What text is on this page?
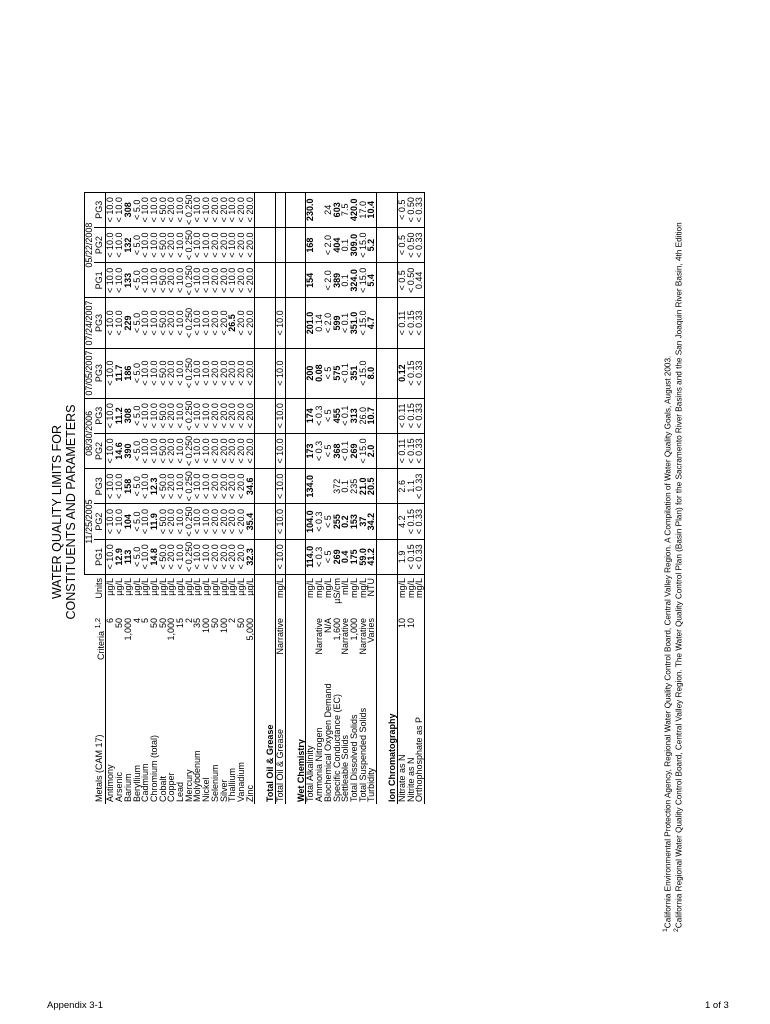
WATER QUALITY LIMITS FOR CONSTITUENTS AND PARAMETERS
			11/25/2005			08/30/2006		07/05/2007	07/24/2007	05/22/2008		
Metals (CAM 17)	Criteria $^{1,2}$	Units	PG1	PG2	PG3	PG2	PG3	PG3	PG3	PG1	PG2	PG3
Antimony	6	µg/L	< 10.0	< 10.0	< 10.0	< 10.0	< 10.0	< 10.0	< 10.0	< 10.0	< 10.0	< 10.0
Arsenic	50	µg/L	12.9	< 10.0	< 10.0	14.6	11.2	11.7	< 10.0	< 10.0	< 10.0	< 10.0
Barium	1,000	µg/L	113	104	158	390	308	186	229	133	132	308
Beryllium	4	µg/L	< 5.0	< 5.0	< 5.0	< 5.0	< 5.0	< 5.0	< 5.0	< 5.0	< 5.0	< 5.0
Cadmium	5	µg/L	< 10.0	< 10.0	< 10.0	< 10.0	< 10.0	< 10.0	< 10.0	< 10.0	< 10.0	< 10.0
Chromium (total)	50	µg/L	14.8	11.9	12.3	< 10.0	< 10.0	< 10.0	< 10.0	< 10.0	< 10.0	< 10.0
Cobalt	50	µg/L	< 50.0	< 50.0	< 50.0	< 50.0	< 50.0	< 50.0	< 50.0	< 50.0	< 50.0	< 50.0
Copper	1,000	µg/L	< 20.0	< 20.0	< 20.0	< 20.0	< 20.0	< 20.0	< 20.0	< 20.0	< 20.0	< 20.0
Lead	15	µg/L	< 10.0	< 10.0	< 10.0	< 10.0	< 10.0	< 10.0	< 10.0	< 10.0	< 10.0	< 10.0
Mercury	2	µg/L	< 0.250	< 0.250	< 0.250	< 0.250	< 0.250	< 0.250	< 0.250	< 0.250	< 0.250	< 0.250
Molybdenum	35	µg/L	< 10.0	< 10.0	< 10.0	< 10.0	< 10.0	< 10.0	< 10.0	< 10.0	< 10.0	< 10.0
Nickel	100	µg/L	< 10.0	< 10.0	< 10.0	< 10.0	< 10.0	< 10.0	< 10.0	< 10.0	< 10.0	< 10.0
Selenium	50	µg/L	< 20.0	< 20.0	< 20.0	< 20.0	< 20.0	< 20.0	< 20.0	< 20.0	< 20.0	< 20.0
Silver	100	µg/L	< 20.0	< 20.0	< 20.0	< 20.0	< 20.0	< 20.0	< 20.0	< 20.0	< 20.0	< 20.0
Thallium	2	µg/L	< 20.0	< 20.0	< 20.0	< 20.0	< 20.0	< 20.0	26.5	< 10.0	< 10.0	< 10.0
Vanadium	50	µg/L	< 20.0	< 20.0	< 20.0	< 20.0	< 20.0	< 20.0	< 20.0	< 20.0	< 20.0	< 20.0
Zinc	5,000	µg/L	32.3	35.4	34.6	< 20.0	< 20.0	< 20.0	< 20.0	< 20.0	< 20.0	< 20.0

Total Oil & Grease												
Total Oil & Grease	Narrative	mg/L	< 10.0	< 10.0	< 10.0	< 10.0	< 10.0	< 10.0	< 10.0			

Wet Chemistry												
Total Alkalinity		mg/L	114.0	104.0	134.0	173	174	200	201.0	154	168	230.0
Ammonia Nitrogen	Narrative	mg/L	< 0.3	< 0.3		< 0.3	< 0.3	0.08	0.14			
Biochemical Oxygen Demand	N/A	mg/L	< 5	< 5		< 5	< 5	< 5	< 2.0	< 2.0	< 2.0	24
Specific Conductance (EC)	1,600	µS/cm	269	255	372	368	455	575	599	389	404	603
Settleable Solids	Narrative	ml/L	0.4	0.2	0.1	< 0.1	< 0.1	< 0.1	< 0.1	0.1	0.1	7.5
Total Dissolved Solids	1,000	mg/L	175	153	235	269	313	351	351.0	324.0	309.0	420.0
Total Suspended Solids	Narrative	mg/L	59.0	37	21.0	< 15.0	26.0	< 15.0	< 15.0	< 15.0	< 15.0	17.0
Turbidity	Varies	NTU	41.2	34.2	20.5	2.0	10.7	8.0	4.7	5.4	5.2	10.4

Ion Chromatography												
Nitrate as N	10	mg/L	1.9	4.2	2.6	< 0.11	< 0.11	0.12	< 0.11	< 0.5	< 0.5	< 0.5
Nitrite as N	10	mg/L	< 0.15	< 0.15	1.1	< 0.15	< 0.15	< 0.15	< 0.15	< 0.50	< 0.50	< 0.50
Orthophosphate as P		mg/L	< 0.33	< 0.33	< 0.33	< 0.33	< 0.33	< 0.33	< 0.33	0.44	< 0.33	< 0.33
$^1$California Environmental Protection Agency, Regional Water Quality Control Board, Central Valley Region. A Compilation of Water Quality Goals, August 2003.
$^2$California Regional Water Quality Control Board, Central Valley Region. The Water Quality Control Plan (Basin Plan) for the Sacramento River Basins and the San Joaquin River Basin, 4th Edition
Appendix 3-1	1 of 3
